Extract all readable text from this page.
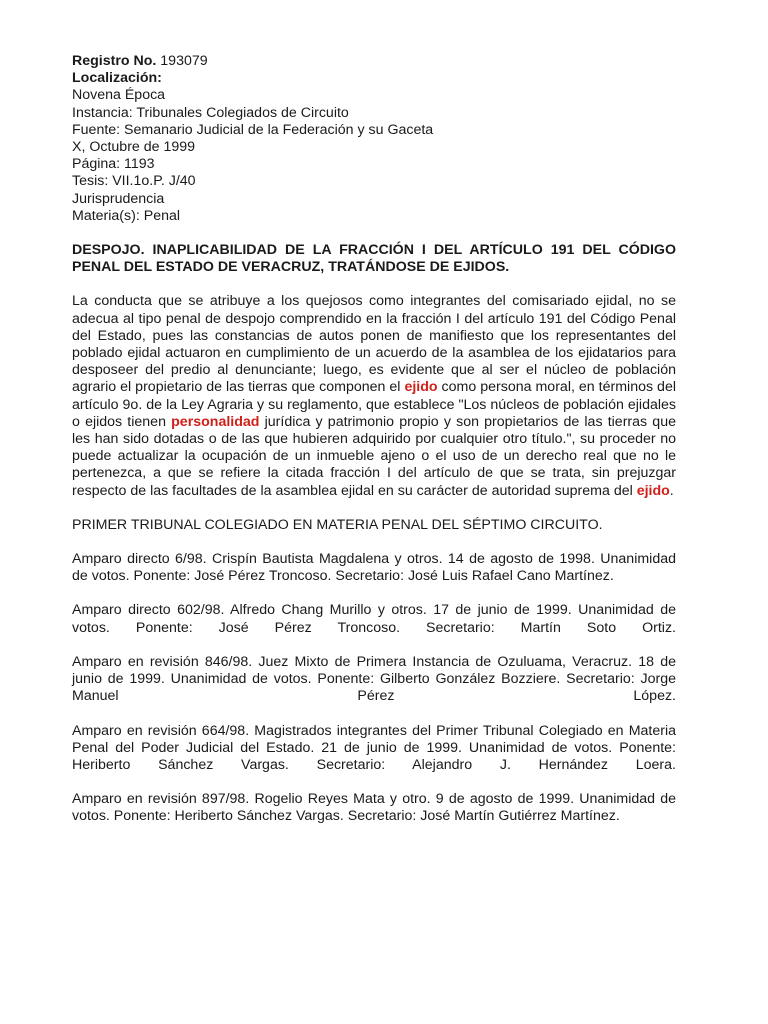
Registro No. 193079
Localización:
Novena Época
Instancia: Tribunales Colegiados de Circuito
Fuente: Semanario Judicial de la Federación y su Gaceta
X, Octubre de 1999
Página: 1193
Tesis: VII.1o.P. J/40
Jurisprudencia
Materia(s): Penal
DESPOJO. INAPLICABILIDAD DE LA FRACCIÓN I DEL ARTÍCULO 191 DEL CÓDIGO PENAL DEL ESTADO DE VERACRUZ, TRATÁNDOSE DE EJIDOS.
La conducta que se atribuye a los quejosos como integrantes del comisariado ejidal, no se adecua al tipo penal de despojo comprendido en la fracción I del artículo 191 del Código Penal del Estado, pues las constancias de autos ponen de manifiesto que los representantes del poblado ejidal actuaron en cumplimiento de un acuerdo de la asamblea de los ejidatarios para desposeer del predio al denunciante; luego, es evidente que al ser el núcleo de población agrario el propietario de las tierras que componen el ejido como persona moral, en términos del artículo 9o. de la Ley Agraria y su reglamento, que establece "Los núcleos de población ejidales o ejidos tienen personalidad jurídica y patrimonio propio y son propietarios de las tierras que les han sido dotadas o de las que hubieren adquirido por cualquier otro título.", su proceder no puede actualizar la ocupación de un inmueble ajeno o el uso de un derecho real que no le pertenezca, a que se refiere la citada fracción I del artículo de que se trata, sin prejuzgar respecto de las facultades de la asamblea ejidal en su carácter de autoridad suprema del ejido.
PRIMER TRIBUNAL COLEGIADO EN MATERIA PENAL DEL SÉPTIMO CIRCUITO.
Amparo directo 6/98. Crispín Bautista Magdalena y otros. 14 de agosto de 1998. Unanimidad de votos. Ponente: José Pérez Troncoso. Secretario: José Luis Rafael Cano Martínez.
Amparo directo 602/98. Alfredo Chang Murillo y otros. 17 de junio de 1999. Unanimidad de votos. Ponente: José Pérez Troncoso. Secretario: Martín Soto Ortiz.
Amparo en revisión 846/98. Juez Mixto de Primera Instancia de Ozuluama, Veracruz. 18 de junio de 1999. Unanimidad de votos. Ponente: Gilberto González Bozziere. Secretario: Jorge Manuel Pérez López.
Amparo en revisión 664/98. Magistrados integrantes del Primer Tribunal Colegiado en Materia Penal del Poder Judicial del Estado. 21 de junio de 1999. Unanimidad de votos. Ponente: Heriberto Sánchez Vargas. Secretario: Alejandro J. Hernández Loera.
Amparo en revisión 897/98. Rogelio Reyes Mata y otro. 9 de agosto de 1999. Unanimidad de votos. Ponente: Heriberto Sánchez Vargas. Secretario: José Martín Gutiérrez Martínez.
